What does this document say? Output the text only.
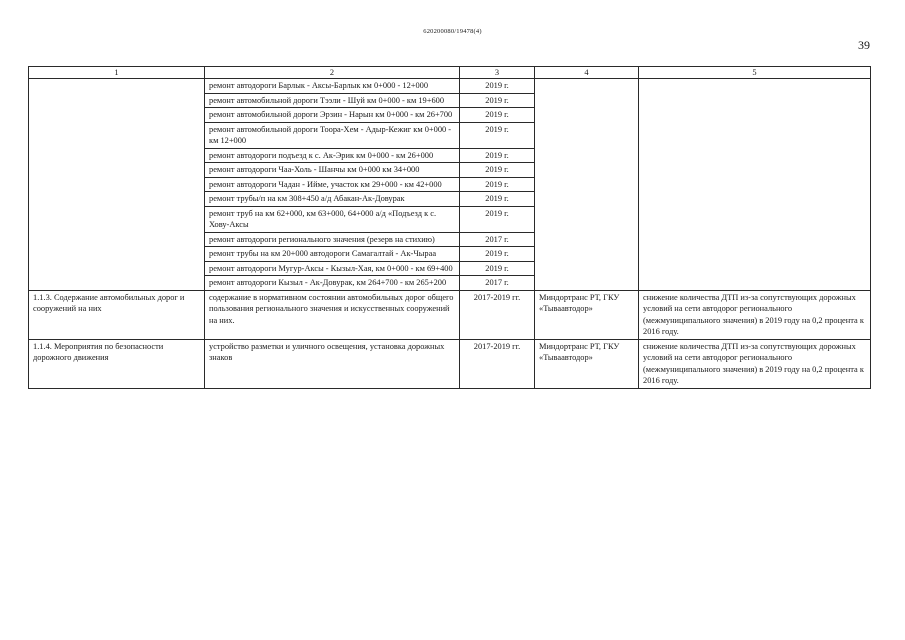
620200080/19478(4)
39
1	2	3	4	5
	ремонт автодороги Барлык - Аксы-Барлык км 0+000 - 12+000	2019 г.		
	ремонт автомобильной дороги Тээли - Шуй км 0+000 - км 19+600	2019 г.		
	ремонт автомобильной дороги Эрзин - Нарын км 0+000 - км 26+700	2019 г.		
	ремонт автомобильной дороги Тоора-Хем - Адыр-Кежиг км 0+000 - км 12+000	2019 г.		
	ремонт автодороги подъезд к с. Ак-Эрик км 0+000 - км 26+000	2019 г.		
	ремонт автодороги Чаа-Холь - Шанчы км 0+000 км 34+000	2019 г.		
	ремонт автодороги Чадан - Ийме, участок км 29+000 - км 42+000	2019 г.		
	ремонт трубы/п на км 308+450 а/д Абакан-Ак-Довурак	2019 г.		
	ремонт труб на км 62+000, км 63+000, 64+000 а/д «Подъезд к с. Хову-Аксы	2019 г.		
	ремонт автодороги регионального значения (резерв на стихию)	2017 г.		
	ремонт трубы на км 20+000 автодороги Самагалтай - Ак-Чыраа	2019 г.		
	ремонт автодороги Мугур-Аксы - Кызыл-Хая, км 0+000 - км 69+400	2019 г.		
	ремонт автодороги Кызыл - Ак-Довурак, км 264+700 - км 265+200	2017 г.		
1.1.3. Содержание автомобильных дорог и сооружений на них	содержание в нормативном состоянии автомобильных дорог общего пользования регионального значения и искусственных сооружений на них.	2017-2019 гг.	Миндортранс РТ, ГКУ «Тываавтодор»	снижение количества ДТП из-за сопутствующих дорожных условий на сети автодорог регионального (межмуниципального значения) в 2019 году на 0,2 процента к 2016 году.
1.1.4. Мероприятия по безопасности дорожного движения	устройство разметки и уличного освещения, установка дорожных знаков	2017-2019 гг.	Миндортранс РТ, ГКУ «Тываавтодор»	снижение количества ДТП из-за сопутствующих дорожных условий на сети автодорог регионального (межмуниципального значения) в 2019 году на 0,2 процента к 2016 году.
